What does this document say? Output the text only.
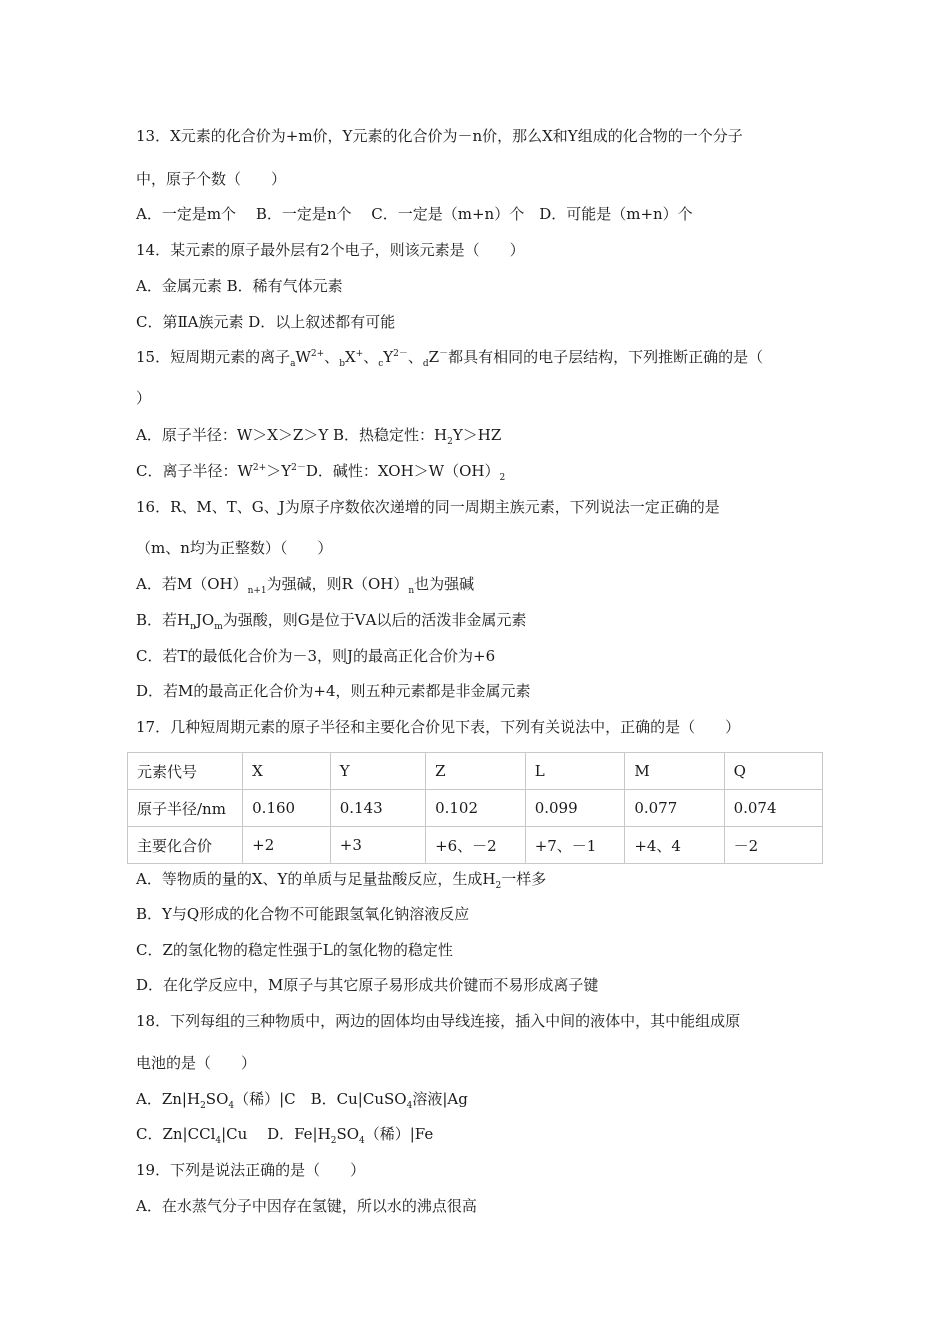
13．X元素的化合价为+m价，Y元素的化合价为－n价，那么X和Y组成的化合物的一个分子
中，原子个数（　　）
A．一定是m个　 B．一定是n个　 C．一定是（m+n）个　D．可能是（m+n）个
14．某元素的原子最外层有2个电子，则该元素是（　　）
A．金属元素 B．稀有气体元素
C．第ⅡA族元素 D．以上叙述都有可能
15．短周期元素的离子$_aW^{2+}$、$_b$X+、$_cY^{2-}$、$_d$Z－都具有相同的电子层结构，下列推断正确的是（
）
A．原子半径：W＞X＞Z＞Y B．热稳定性：$H_2Y>HZ$
C．离子半径：$W^{2+}>Y^{2-}D$．碱性：$XOH>W(OH)_2$
16．R、M、T、G、J为原子序数依次递增的同一周期主族元素，下列说法一定正确的是
（m、n均为正整数）（　　）
A．若$M(OH)_{n+1}$为强碱，则$R(OH)_n$也为强碱
B．若$H_nJO_m$为强酸，则G是位于ⅤA以后的活泼非金属元素
C．若T的最低化合价为－3，则J的最高正化合价为+6
D．若M的最高正化合价为+4，则五种元素都是非金属元素
17．几种短周期元素的原子半径和主要化合价见下表，下列有关说法中，正确的是（　　）
元素代号	X	Y	Z	L	M	Q
原子半径/nm	0.160	0.143	0.102	0.099	0.077	0.074
主要化合价	+2	+3	+6、－2	+7、－1	+4、4	－2
A．等物质的量的X、Y的单质与足量盐酸反应，生成$H_2$一样多
B．Y与Q形成的化合物不可能跟氢氧化钠溶液反应
C．Z的氢化物的稳定性强于L的氢化物的稳定性
D．在化学反应中，M原子与其它原子易形成共价键而不易形成离子键
18．下列每组的三种物质中，两边的固体均由导线连接，插入中间的液体中，其中能组成原
电池的是（　　）
A．$Zn|H_2SO_4$（稀）|C　B．Cu|CuSO$_4$溶液|Ag
C．Zn|CCl$_4$|Cu　 D．$Fe|H_2SO_4$（稀）|Fe
19．下列是说法正确的是（　　）
A．在水蒸气分子中因存在氢键，所以水的沸点很高
